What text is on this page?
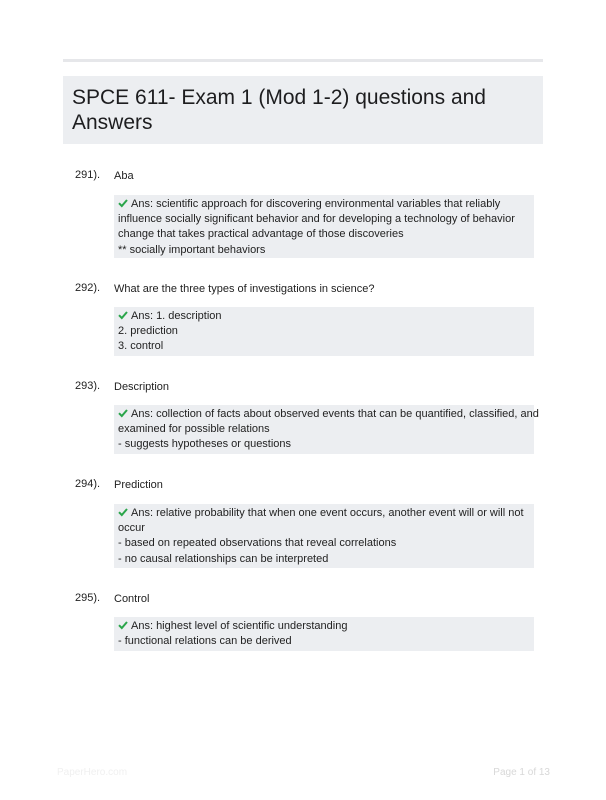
SPCE 611- Exam 1 (Mod 1-2) questions and Answers
291). Aba
Ans: scientific approach for discovering environmental variables that reliably
influence socially significant behavior and for developing a technology of behavior
change that takes practical advantage of those discoveries
** socially important behaviors
292). What are the three types of investigations in science?
Ans: 1. description
2. prediction
3. control
293). Description
Ans: collection of facts about observed events that can be quantified, classified, and
examined for possible relations
- suggests hypotheses or questions
294). Prediction
Ans: relative probability that when one event occurs, another event will or will not
occur
- based on repeated observations that reveal correlations
- no causal relationships can be interpreted
295). Control
Ans: highest level of scientific understanding
- functional relations can be derived
PaperHero.com	Page 1 of 13
